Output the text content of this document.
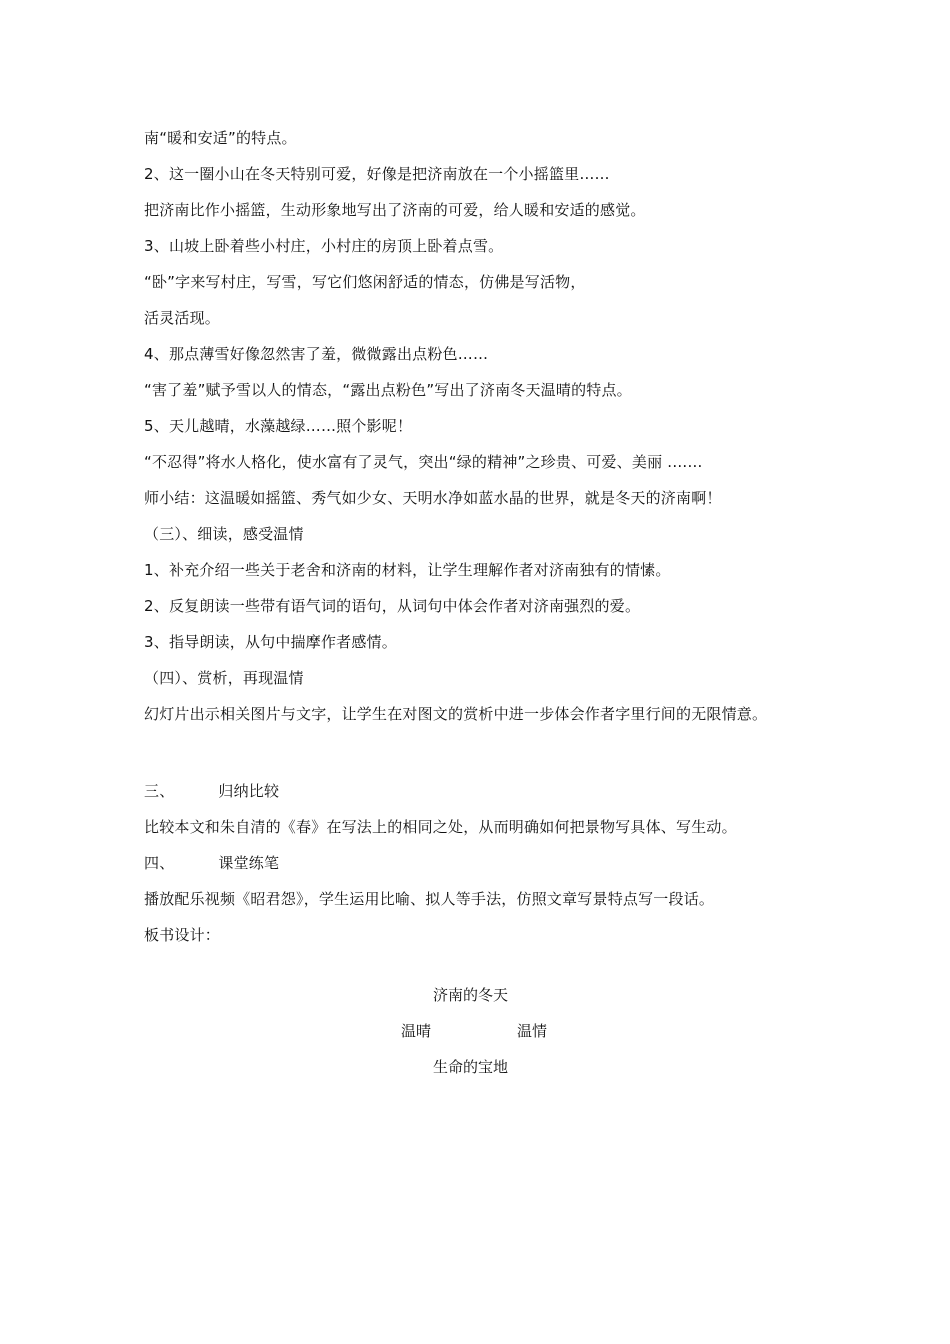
南“暖和安适”的特点。
2、这一圈小山在冬天特别可爱，好像是把济南放在一个小摇篮里……
把济南比作小摇篮，生动形象地写出了济南的可爱，给人暖和安适的感觉。
3、山坡上卧着些小村庄，小村庄的房顶上卧着点雪。
“卧”字来写村庄，写雪，写它们悠闲舒适的情态，仿佛是写活物，
活灵活现。
4、那点薄雪好像忽然害了羞，微微露出点粉色……
“害了羞”赋予雪以人的情态，“露出点粉色”写出了济南冬天温晴的特点。
5、天儿越晴，水藻越绿……照个影呢！
“不忍得”将水人格化，使水富有了灵气，突出“绿的精神”之珍贵、可爱、美丽 .……
师小结：这温暖如摇篮、秀气如少女、天明水净如蓝水晶的世界，就是冬天的济南啊！
（三）、细读，感受温情
1、补充介绍一些关于老舍和济南的材料，让学生理解作者对济南独有的情愫。
2、反复朗读一些带有语气词的语句，从词句中体会作者对济南强烈的爱。
3、指导朗读，从句中揣摩作者感情。
（四）、赏析，再现温情
幻灯片出示相关图片与文字，让学生在对图文的赏析中进一步体会作者字里行间的无限情意。
三、	归纳比较
比较本文和朱自清的《春》在写法上的相同之处，从而明确如何把景物写具体、写生动。
四、	课堂练笔
播放配乐视频《昭君怨》，学生运用比喻、拟人等手法，仿照文章写景特点写一段话。
板书设计：
济南的冬天
温晴	温情
生命的宝地
